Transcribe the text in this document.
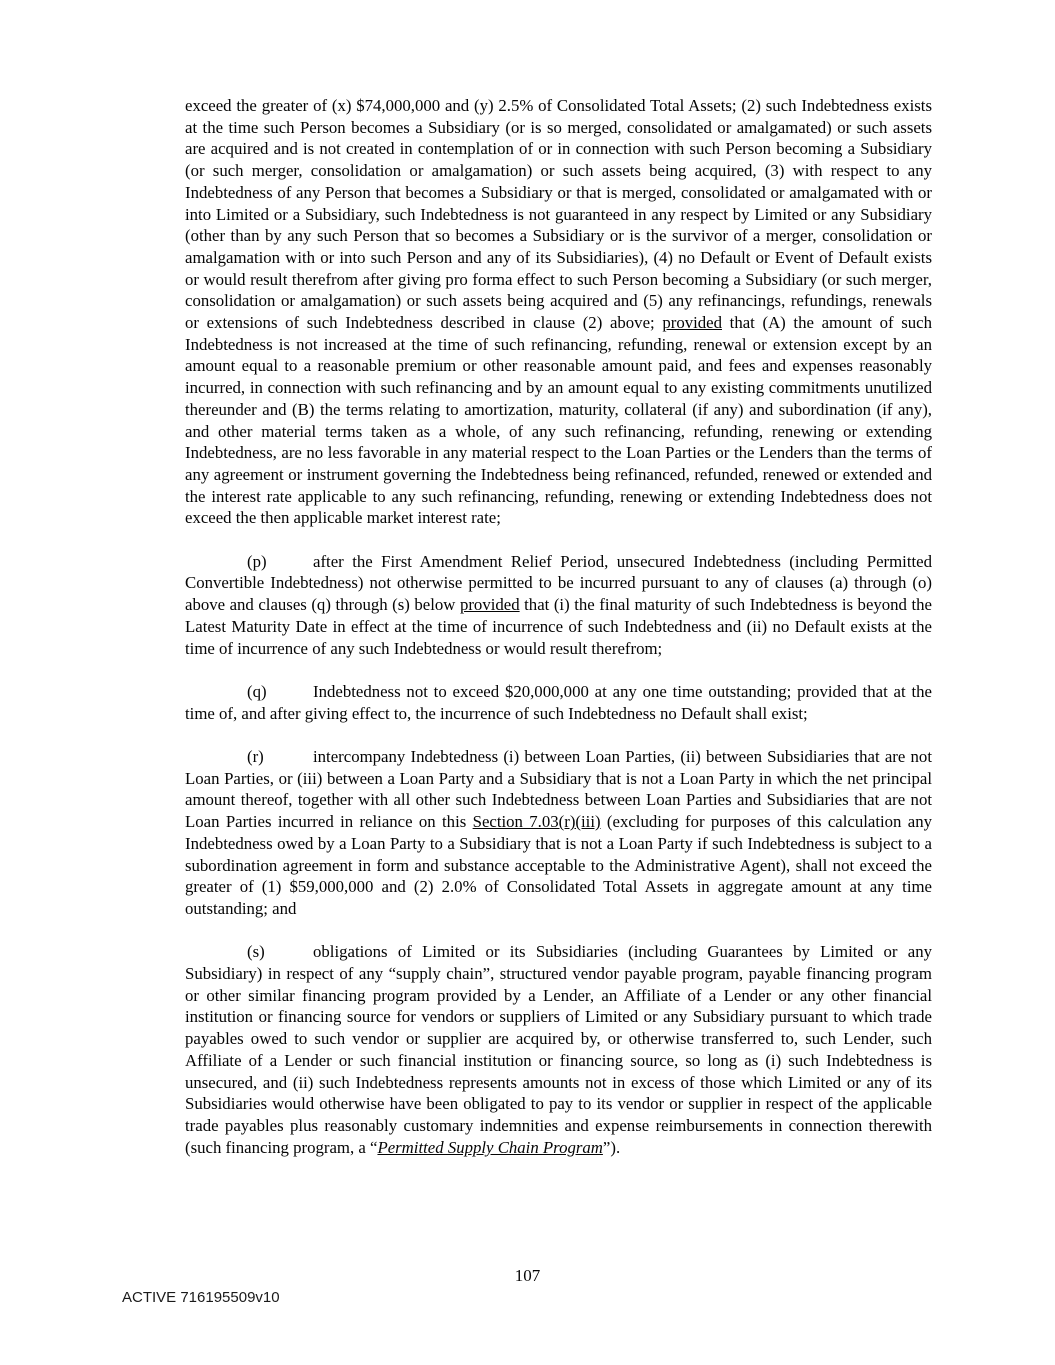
exceed the greater of (x) $74,000,000 and (y) 2.5% of Consolidated Total Assets; (2) such Indebtedness exists at the time such Person becomes a Subsidiary (or is so merged, consolidated or amalgamated) or such assets are acquired and is not created in contemplation of or in connection with such Person becoming a Subsidiary (or such merger, consolidation or amalgamation) or such assets being acquired, (3) with respect to any Indebtedness of any Person that becomes a Subsidiary or that is merged, consolidated or amalgamated with or into Limited or a Subsidiary, such Indebtedness is not guaranteed in any respect by Limited or any Subsidiary (other than by any such Person that so becomes a Subsidiary or is the survivor of a merger, consolidation or amalgamation with or into such Person and any of its Subsidiaries), (4) no Default or Event of Default exists or would result therefrom after giving pro forma effect to such Person becoming a Subsidiary (or such merger, consolidation or amalgamation) or such assets being acquired and (5) any refinancings, refundings, renewals or extensions of such Indebtedness described in clause (2) above; provided that (A) the amount of such Indebtedness is not increased at the time of such refinancing, refunding, renewal or extension except by an amount equal to a reasonable premium or other reasonable amount paid, and fees and expenses reasonably incurred, in connection with such refinancing and by an amount equal to any existing commitments unutilized thereunder and (B) the terms relating to amortization, maturity, collateral (if any) and subordination (if any), and other material terms taken as a whole, of any such refinancing, refunding, renewing or extending Indebtedness, are no less favorable in any material respect to the Loan Parties or the Lenders than the terms of any agreement or instrument governing the Indebtedness being refinanced, refunded, renewed or extended and the interest rate applicable to any such refinancing, refunding, renewing or extending Indebtedness does not exceed the then applicable market interest rate;

(p)	after the First Amendment Relief Period, unsecured Indebtedness (including Permitted Convertible Indebtedness) not otherwise permitted to be incurred pursuant to any of clauses (a) through (o) above and clauses (q) through (s) below provided that (i) the final maturity of such Indebtedness is beyond the Latest Maturity Date in effect at the time of incurrence of such Indebtedness and (ii) no Default exists at the time of incurrence of any such Indebtedness or would result therefrom;

(q)	Indebtedness not to exceed $20,000,000 at any one time outstanding; provided that at the time of, and after giving effect to, the incurrence of such Indebtedness no Default shall exist;

(r)	intercompany Indebtedness (i) between Loan Parties, (ii) between Subsidiaries that are not Loan Parties, or (iii) between a Loan Party and a Subsidiary that is not a Loan Party in which the net principal amount thereof, together with all other such Indebtedness between Loan Parties and Subsidiaries that are not Loan Parties incurred in reliance on this Section 7.03(r)(iii) (excluding for purposes of this calculation any Indebtedness owed by a Loan Party to a Subsidiary that is not a Loan Party if such Indebtedness is subject to a subordination agreement in form and substance acceptable to the Administrative Agent), shall not exceed the greater of (1) $59,000,000 and (2) 2.0% of Consolidated Total Assets in aggregate amount at any time outstanding; and

(s)	obligations of Limited or its Subsidiaries (including Guarantees by Limited or any Subsidiary) in respect of any “supply chain”, structured vendor payable program, payable financing program or other similar financing program provided by a Lender, an Affiliate of a Lender or any other financial institution or financing source for vendors or suppliers of Limited or any Subsidiary pursuant to which trade payables owed to such vendor or supplier are acquired by, or otherwise transferred to, such Lender, such Affiliate of a Lender or such financial institution or financing source, so long as (i) such Indebtedness is unsecured, and (ii) such Indebtedness represents amounts not in excess of those which Limited or any of its Subsidiaries would otherwise have been obligated to pay to its vendor or supplier in respect of the applicable trade payables plus reasonably customary indemnities and expense reimbursements in connection therewith (such financing program, a “Permitted Supply Chain Program”).

107
ACTIVE 716195509v10
